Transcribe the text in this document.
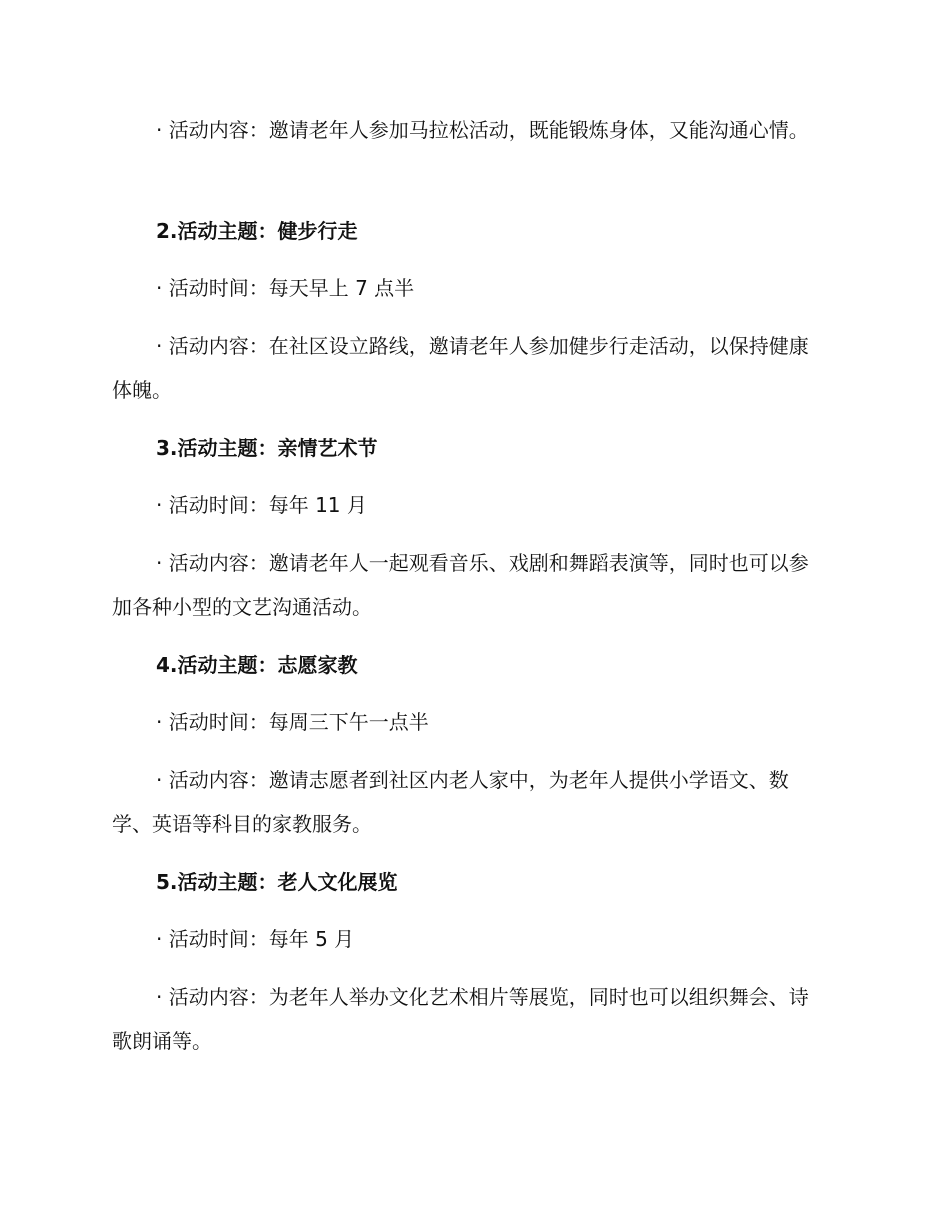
· 活动内容：邀请老年人参加马拉松活动，既能锻炼身体，又能沟通心情。

2.活动主题：健步行走

· 活动时间：每天早上 7 点半

· 活动内容：在社区设立路线，邀请老年人参加健步行走活动，以保持健康体魄。

3.活动主题：亲情艺术节

· 活动时间：每年 11 月

· 活动内容：邀请老年人一起观看音乐、戏剧和舞蹈表演等，同时也可以参加各种小型的文艺沟通活动。

4.活动主题：志愿家教

· 活动时间：每周三下午一点半

· 活动内容：邀请志愿者到社区内老人家中，为老年人提供小学语文、数学、英语等科目的家教服务。

5.活动主题：老人文化展览

· 活动时间：每年 5 月

· 活动内容：为老年人举办文化艺术相片等展览，同时也可以组织舞会、诗歌朗诵等。
